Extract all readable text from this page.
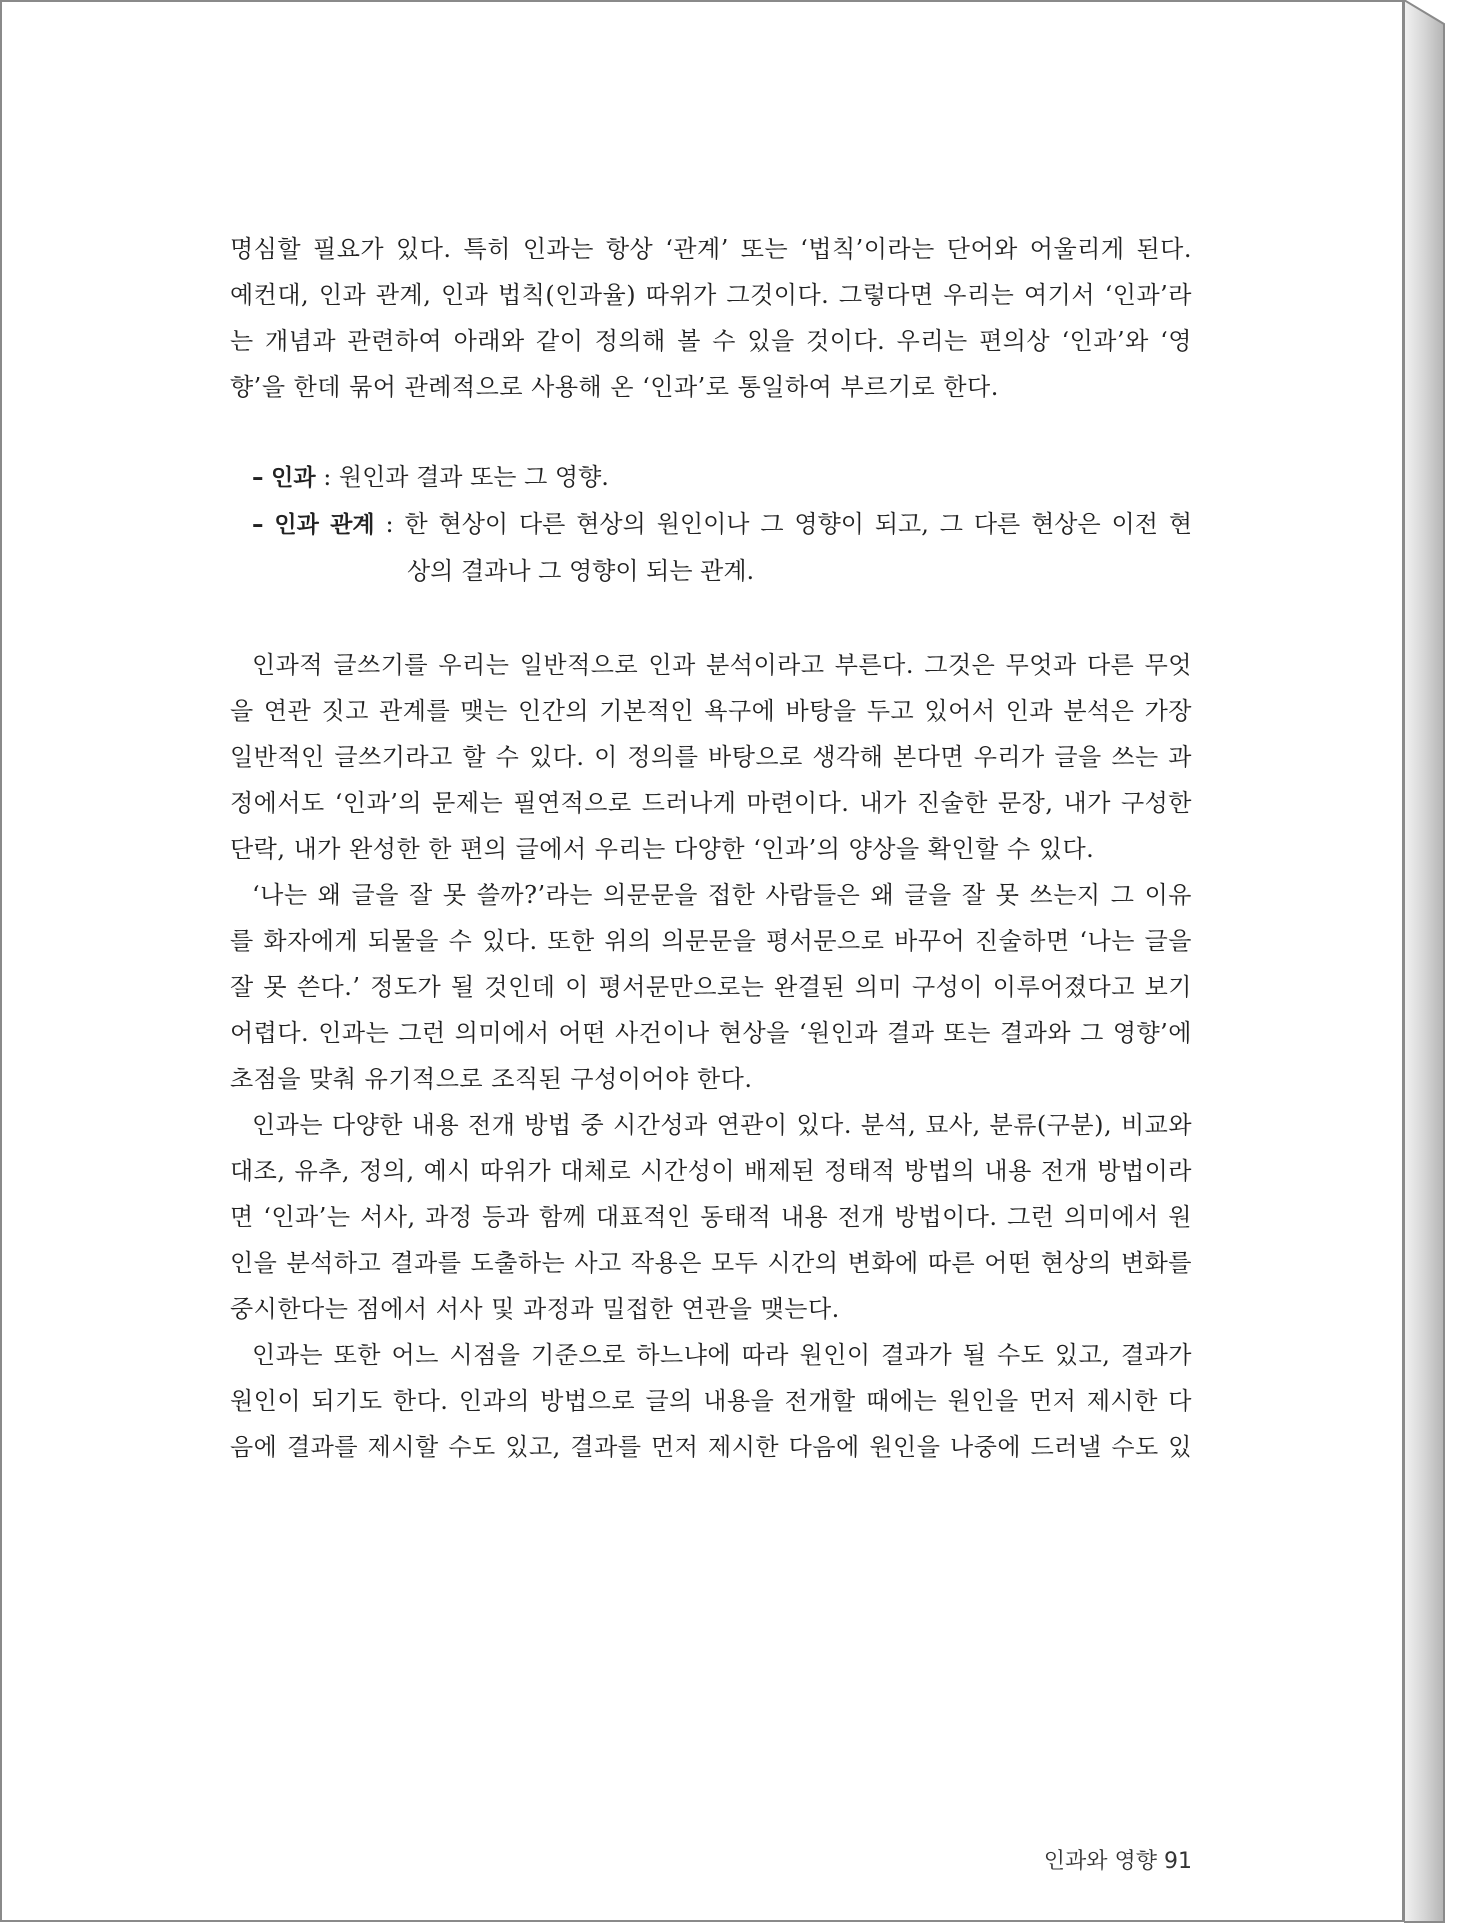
명심할 필요가 있다. 특히 인과는 항상 ‘관계’ 또는 ‘법칙’이라는 단어와 어울리게 된다.
예컨대, 인과 관계, 인과 법칙(인과율) 따위가 그것이다. 그렇다면 우리는 여기서 ‘인과’라
는 개념과 관련하여 아래와 같이 정의해 볼 수 있을 것이다. 우리는 편의상 ‘인과’와 ‘영
향’을 한데 묶어 관례적으로 사용해 온 ‘인과’로 통일하여 부르기로 한다.

– 인과 : 원인과 결과 또는 그 영향.
– 인과 관계 : 한 현상이 다른 현상의 원인이나 그 영향이 되고, 그 다른 현상은 이전 현
상의 결과나 그 영향이 되는 관계.

인과적 글쓰기를 우리는 일반적으로 인과 분석이라고 부른다. 그것은 무엇과 다른 무엇
을 연관 짓고 관계를 맺는 인간의 기본적인 욕구에 바탕을 두고 있어서 인과 분석은 가장
일반적인 글쓰기라고 할 수 있다. 이 정의를 바탕으로 생각해 본다면 우리가 글을 쓰는 과
정에서도 ‘인과’의 문제는 필연적으로 드러나게 마련이다. 내가 진술한 문장, 내가 구성한
단락, 내가 완성한 한 편의 글에서 우리는 다양한 ‘인과’의 양상을 확인할 수 있다.

‘나는 왜 글을 잘 못 쓸까?’라는 의문문을 접한 사람들은 왜 글을 잘 못 쓰는지 그 이유
를 화자에게 되물을 수 있다. 또한 위의 의문문을 평서문으로 바꾸어 진술하면 ‘나는 글을
잘 못 쓴다.’ 정도가 될 것인데 이 평서문만으로는 완결된 의미 구성이 이루어졌다고 보기
어렵다. 인과는 그런 의미에서 어떤 사건이나 현상을 ‘원인과 결과 또는 결과와 그 영향’에
초점을 맞춰 유기적으로 조직된 구성이어야 한다.

인과는 다양한 내용 전개 방법 중 시간성과 연관이 있다. 분석, 묘사, 분류(구분), 비교와
대조, 유추, 정의, 예시 따위가 대체로 시간성이 배제된 정태적 방법의 내용 전개 방법이라
면 ‘인과’는 서사, 과정 등과 함께 대표적인 동태적 내용 전개 방법이다. 그런 의미에서 원
인을 분석하고 결과를 도출하는 사고 작용은 모두 시간의 변화에 따른 어떤 현상의 변화를
중시한다는 점에서 서사 및 과정과 밀접한 연관을 맺는다.

인과는 또한 어느 시점을 기준으로 하느냐에 따라 원인이 결과가 될 수도 있고, 결과가
원인이 되기도 한다. 인과의 방법으로 글의 내용을 전개할 때에는 원인을 먼저 제시한 다
음에 결과를 제시할 수도 있고, 결과를 먼저 제시한 다음에 원인을 나중에 드러낼 수도 있

인과와 영향 91
